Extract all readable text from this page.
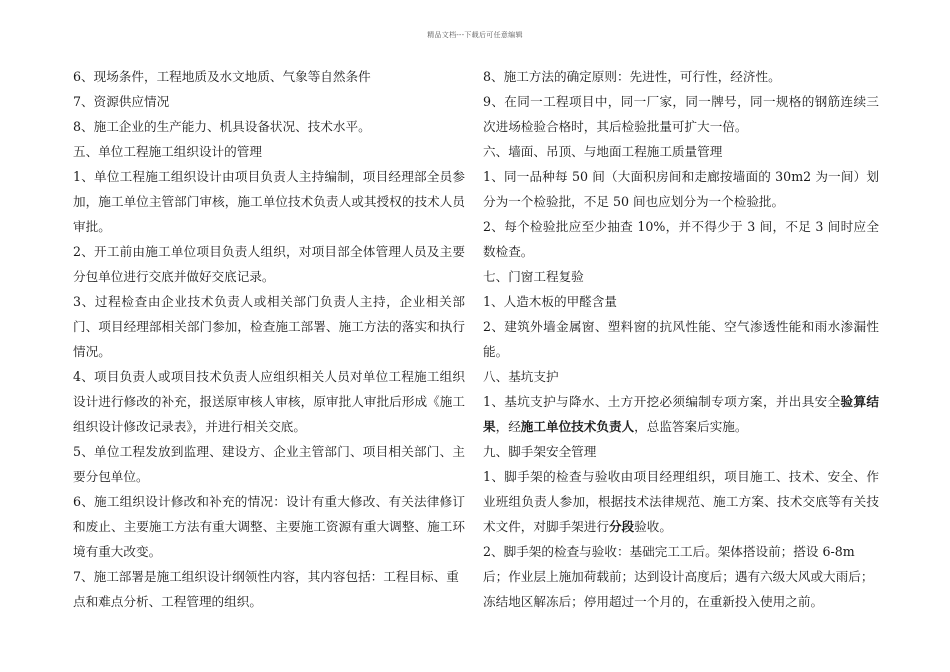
精品文档---下载后可任意编辑

6、现场条件，工程地质及水文地质、气象等自然条件

7、资源供应情况

8、施工企业的生产能力、机具设备状况、技术水平。

五、单位工程施工组织设计的管理

1、单位工程施工组织设计由项目负责人主持编制，项目经理部全员参加，施工单位主管部门审核，施工单位技术负责人或其授权的技术人员审批。

2、开工前由施工单位项目负责人组织，对项目部全体管理人员及主要分包单位进行交底并做好交底记录。

3、过程检查由企业技术负责人或相关部门负责人主持，企业相关部门、项目经理部相关部门参加，检查施工部署、施工方法的落实和执行情况。

4、项目负责人或项目技术负责人应组织相关人员对单位工程施工组织设计进行修改的补充，报送原审核人审核，原审批人审批后形成《施工组织设计修改记录表》，并进行相关交底。

5、单位工程发放到监理、建设方、企业主管部门、项目相关部门、主要分包单位。

6、施工组织设计修改和补充的情况：设计有重大修改、有关法律修订和废止、主要施工方法有重大调整、主要施工资源有重大调整、施工环境有重大改变。

7、施工部署是施工组织设计纲领性内容，其内容包括：工程目标、重点和难点分析、工程管理的组织。

8、施工方法的确定原则：先进性，可行性，经济性。

9、在同一工程项目中，同一厂家，同一牌号，同一规格的钢筋连续三次进场检验合格时，其后检验批量可扩大一倍。

六、墙面、吊顶、与地面工程施工质量管理

1、同一品种每 50 间（大面积房间和走廊按墙面的 30m2 为一间）划分为一个检验批，不足 50 间也应划分为一个检验批。

2、每个检验批应至少抽查 10%，并不得少于 3 间，不足 3 间时应全数检查。

七、门窗工程复验

1、人造木板的甲醛含量

2、建筑外墙金属窗、塑料窗的抗风性能、空气渗透性能和雨水渗漏性能。

八、基坑支护

1、基坑支护与降水、土方开挖必须编制专项方案，并出具安全验算结果，经施工单位技术负责人，总监答案后实施。

九、脚手架安全管理

1、脚手架的检查与验收由项目经理组织，项目施工、技术、安全、作业班组负责人参加，根据技术法律规范、施工方案、技术交底等有关技术文件，对脚手架进行分段验收。

2、脚手架的检查与验收：基础完工工后。架体搭设前；搭设 6-8m 后；作业层上施加荷载前；达到设计高度后；遇有六级大风或大雨后；冻结地区解冻后；停用超过一个月的，在重新投入使用之前。
